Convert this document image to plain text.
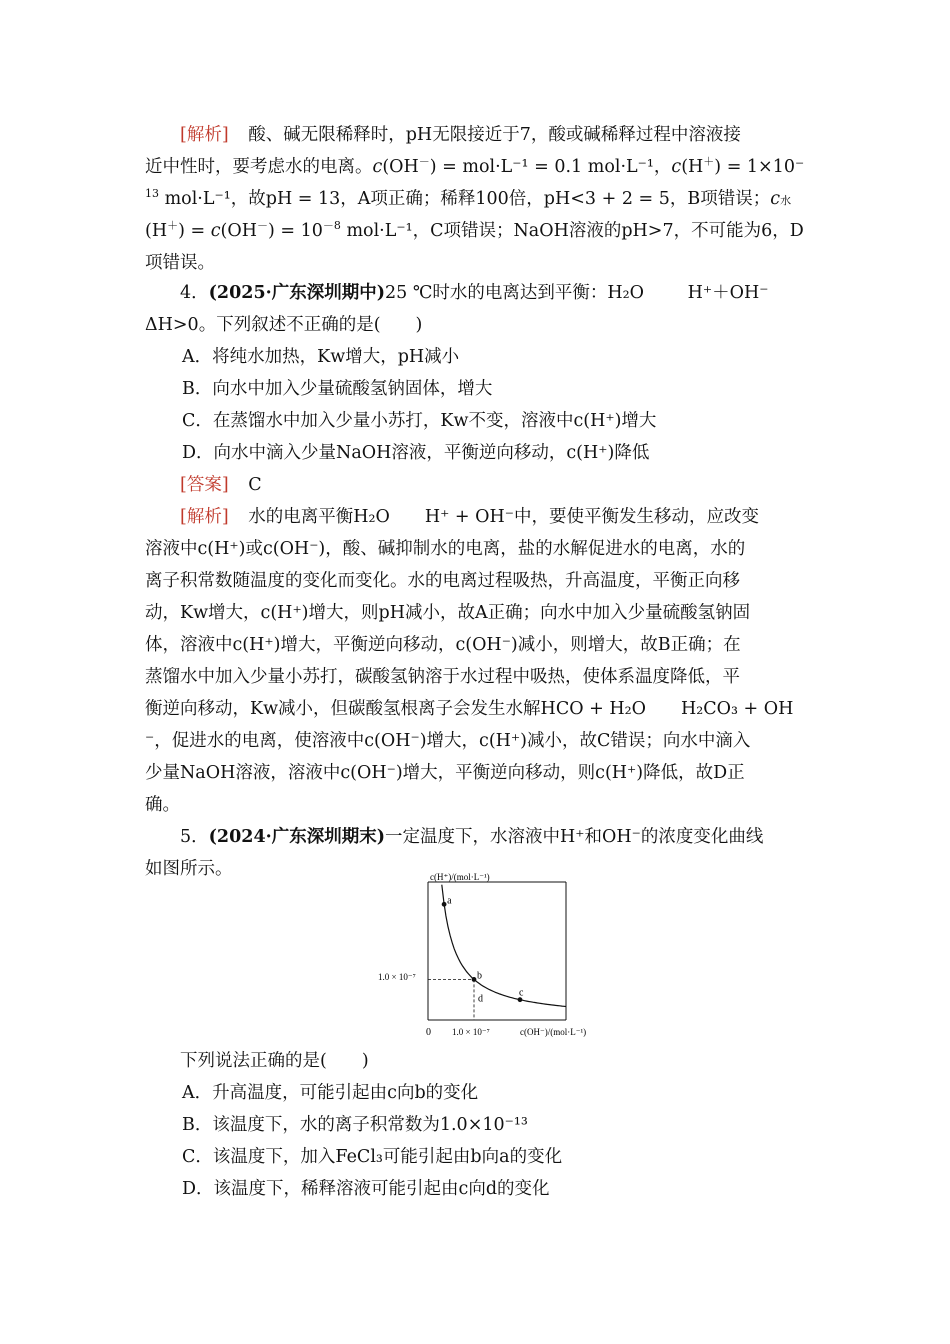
[解析] 酸、碱无限稀释时，pH无限接近于7，酸或碱稀释过程中溶液接
近中性时，要考虑水的电离。c(OH－) = mol·L⁻¹ = 0.1 mol·L⁻¹，c(H＋) = 1×10⁻
$^{13}$ mol·L⁻¹，故pH = 13，A项正确；稀释100倍，pH<3 + 2 = 5，B项错误；c水
$(H^+) = c(OH^-) = 10^{-8}$ mol·L⁻¹，C项错误；NaOH溶液的pH>7，不可能为6，D
项错误。
4．(2025·广东深圳期中)25 ℃时水的电离达到平衡：H₂O H⁺＋OH⁻
ΔH>0。下列叙述不正确的是(　　)
A．将纯水加热，Kw增大，pH减小
B．向水中加入少量硫酸氢钠固体，增大
C．在蒸馏水中加入少量小苏打，Kw不变，溶液中c(H⁺)增大
D．向水中滴入少量NaOH溶液，平衡逆向移动，c(H⁺)降低
[答案] C
[解析] 水的电离平衡H₂O　　H⁺ + OH⁻中，要使平衡发生移动，应改变
溶液中c(H⁺)或c(OH⁻)，酸、碱抑制水的电离，盐的水解促进水的电离，水的
离子积常数随温度的变化而变化。水的电离过程吸热，升高温度，平衡正向移
动，Kw增大，c(H⁺)增大，则pH减小，故A正确；向水中加入少量硫酸氢钠固
体，溶液中c(H⁺)增大，平衡逆向移动，c(OH⁻)减小，则增大，故B正确；在
蒸馏水中加入少量小苏打，碳酸氢钠溶于水过程中吸热，使体系温度降低，平
衡逆向移动，Kw减小，但碳酸氢根离子会发生水解HCO + H₂O　　H₂CO₃ + OH
⁻，促进水的电离，使溶液中c(OH⁻)增大，c(H⁺)减小，故C错误；向水中滴入
少量NaOH溶液，溶液中c(OH⁻)增大，平衡逆向移动，则c(H⁺)降低，故D正
确。
5．(2024·广东深圳期末)一定温度下，水溶液中H⁺和OH⁻的浓度变化曲线
如图所示。	c(H⁺)/(mol·L⁻¹)
c(OH⁻)/(mol·L⁻¹)
0 1.0 × 10⁻⁷
1.0 × 10⁻⁷
a
b
c
d
下列说法正确的是(　　)
A．升高温度，可能引起由c向b的变化
B．该温度下，水的离子积常数为1.0×10⁻¹³
C．该温度下，加入FeCl₃可能引起由b向a的变化
D．该温度下，稀释溶液可能引起由c向d的变化
